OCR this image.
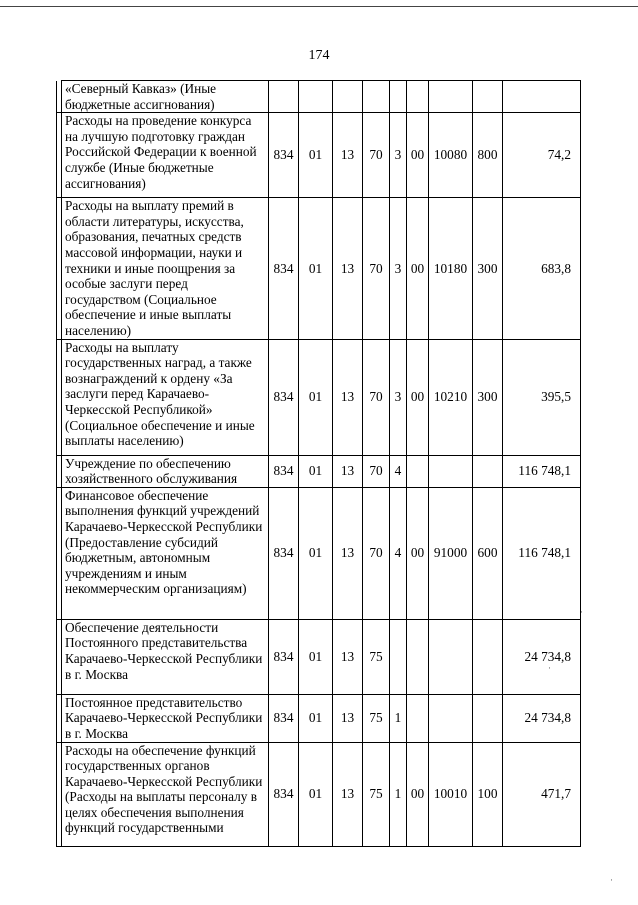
174
	«Северный Кавказ» (Иные бюджетные ассигнования)									
	Расходы на проведение конкурса на лучшую подготовку граждан Российской Федерации к военной службе (Иные бюджетные ассигнования)	834	01	13	70	3	00	10080	800	74,2
	Расходы на выплату премий в области литературы, искусства, образования, печатных средств массовой информации, науки и техники и иные поощрения за особые заслуги перед государством (Социальное обеспечение и иные выплаты населению)	834	01	13	70	3	00	10180	300	683,8
	Расходы на выплату государственных наград, а также вознаграждений к ордену «За заслуги перед Карачаево-Черкесской Республикой» (Социальное обеспечение и иные выплаты населению)	834	01	13	70	3	00	10210	300	395,5
	Учреждение по обеспечению хозяйственного обслуживания	834	01	13	70	4				116 748,1
	Финансовое обеспечение выполнения функций учреждений Карачаево-Черкесской Республики (Предоставление субсидий бюджетным, автономным учреждениям и иным некоммерческим организациям)	834	01	13	70	4	00	91000	600	116 748,1
	Обеспечение деятельности Постоянного представительства Карачаево-Черкесской Республики в г. Москва	834	01	13	75					24 734,8
	Постоянное представительство Карачаево-Черкесской Республики в г. Москва	834	01	13	75	1				24 734,8
	Расходы на обеспечение функций государственных органов Карачаево-Черкесской Республики (Расходы на выплаты персоналу в целях обеспечения выполнения функций государственными	834	01	13	75	1	00	10010	100	471,7
·
·
·
